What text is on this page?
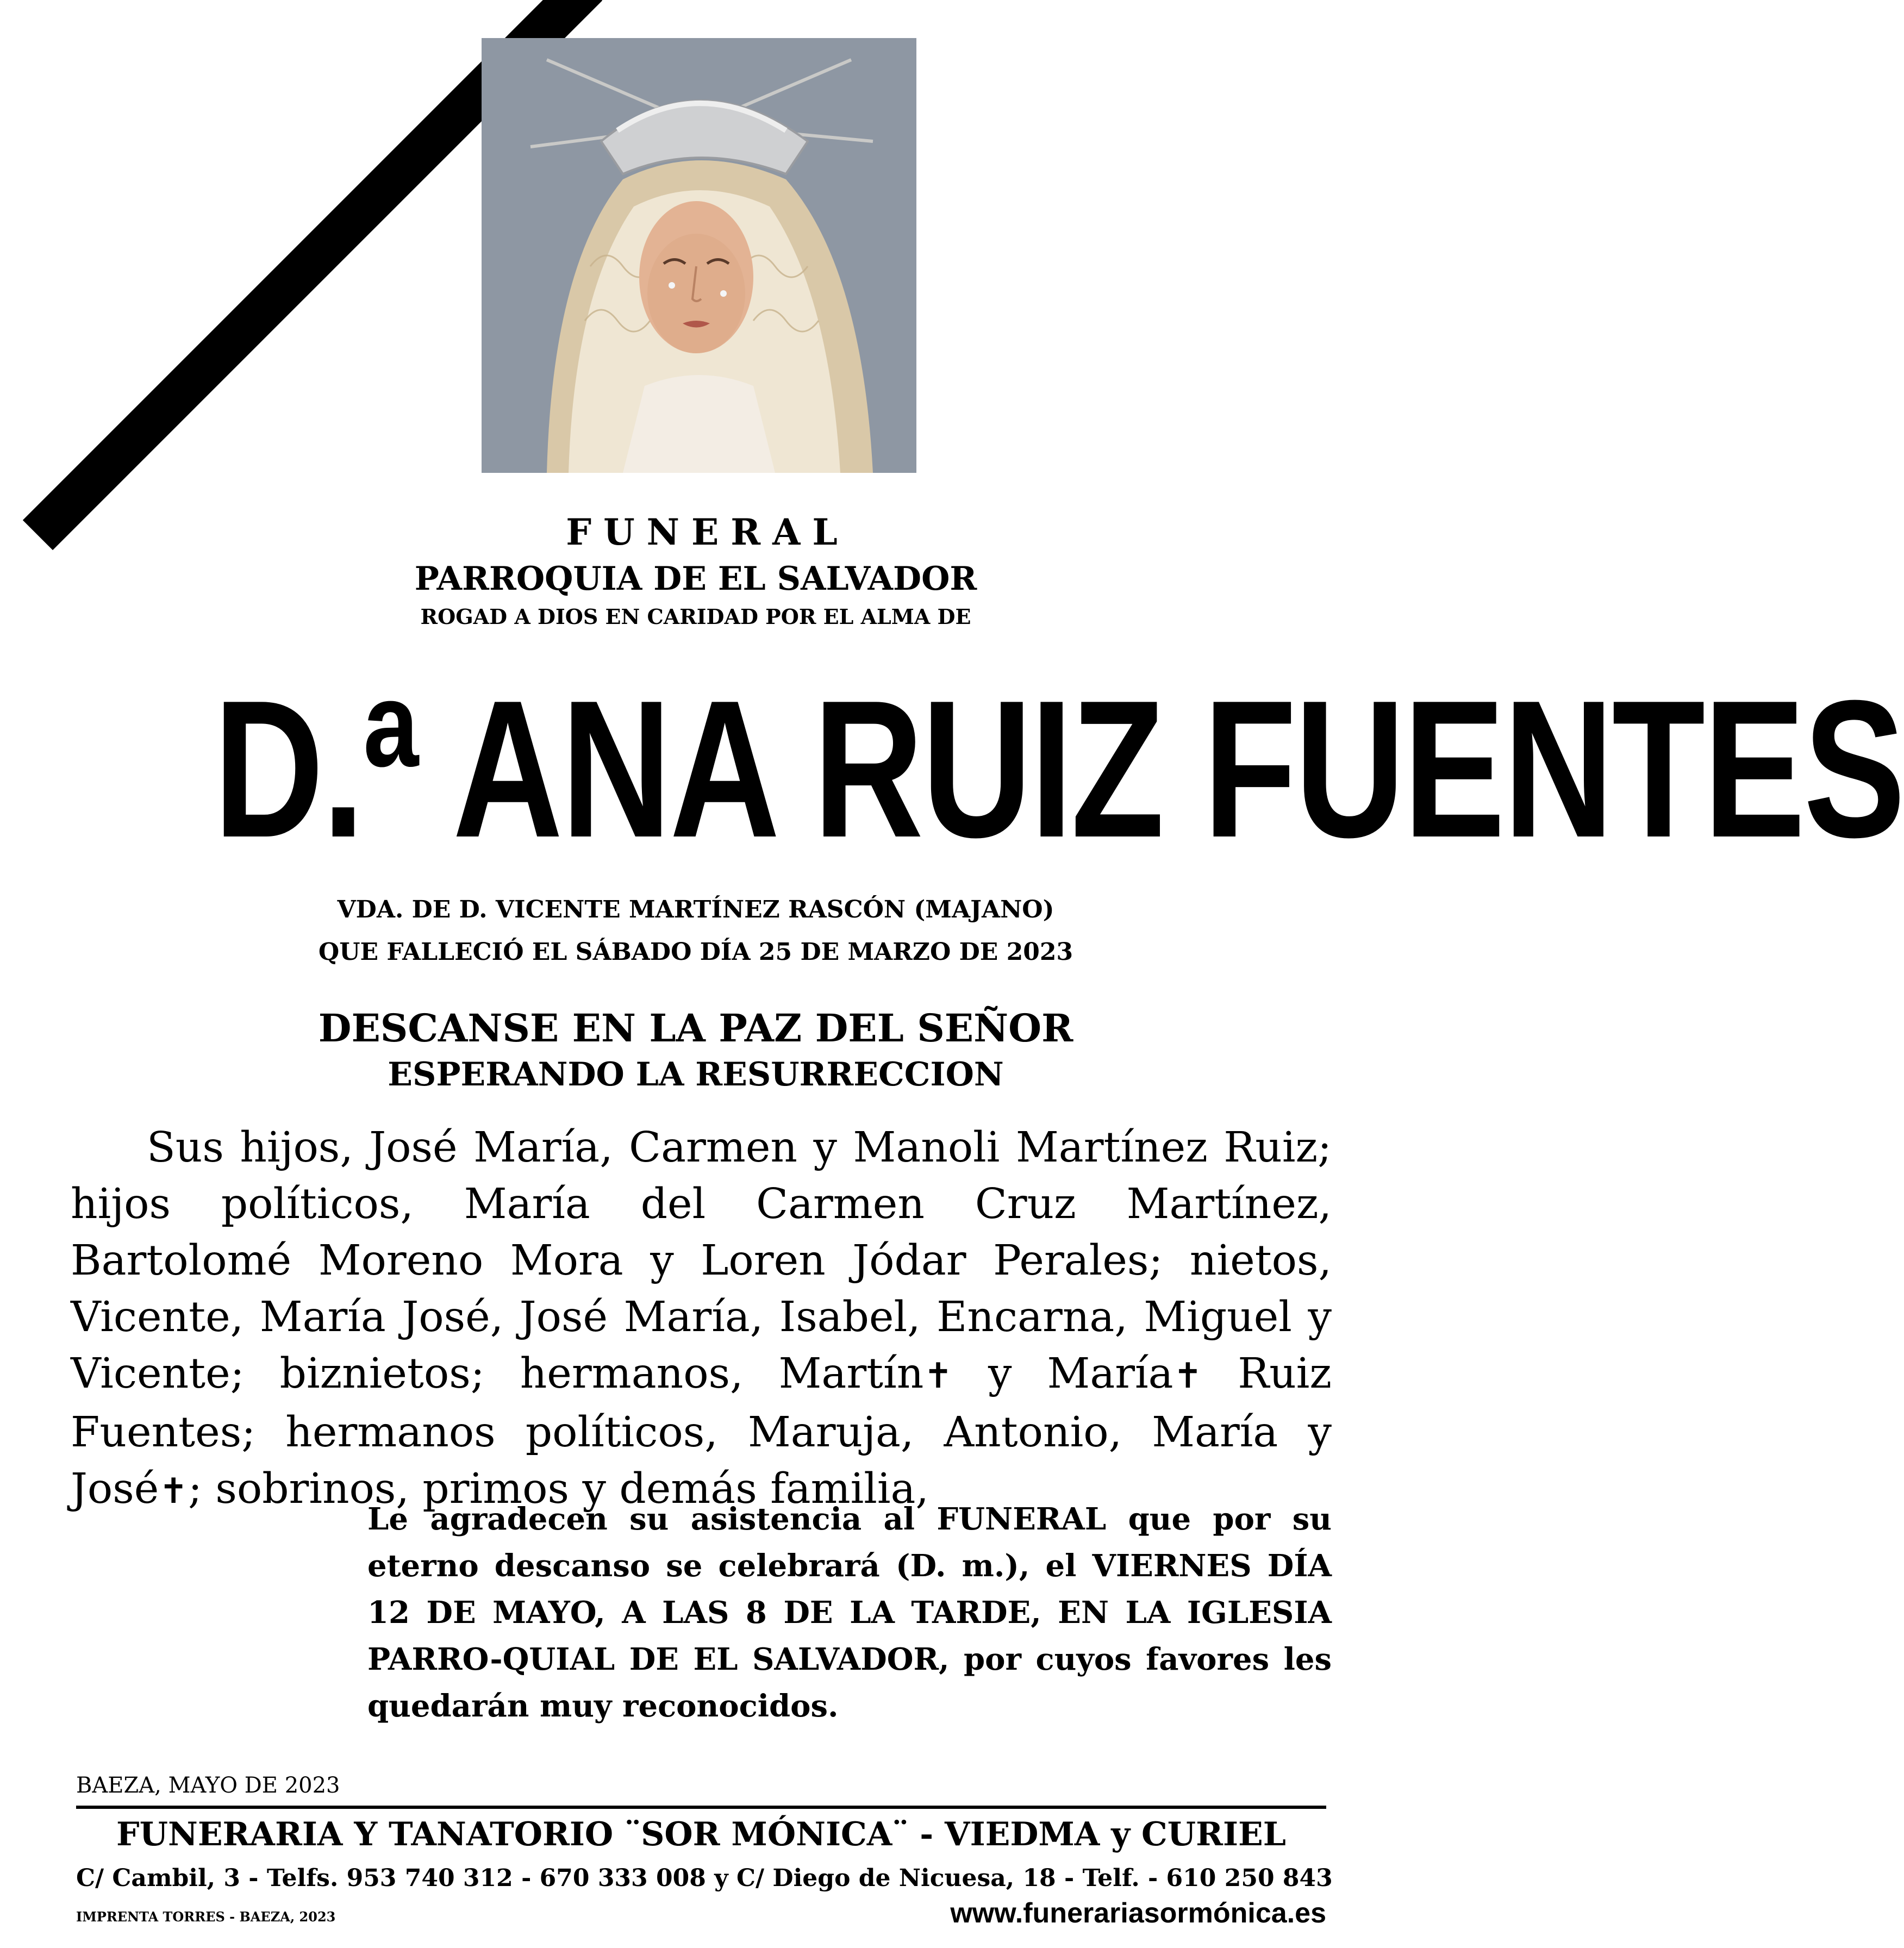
FUNERAL
PARROQUIA DE EL SALVADOR
ROGAD A DIOS EN CARIDAD POR EL ALMA DE
D.ª ANA RUIZ FUENTES
VDA. DE D. VICENTE MARTÍNEZ RASCÓN (MAJANO)
QUE FALLECIÓ EL SÁBADO DÍA 25 DE MARZO DE 2023
DESCANSE EN LA PAZ DEL SEÑOR
ESPERANDO LA RESURRECCION
Sus hijos, José María, Carmen y Manoli Martínez Ruiz; hijos políticos, María del Carmen Cruz Martínez, Bartolomé Moreno Mora y Loren Jódar Perales; nietos, Vicente, María José, José María, Isabel, Encarna, Miguel y Vicente; biznietos; hermanos, Martín✝ y María✝ Ruiz Fuentes; hermanos políticos, Maruja, Antonio, María y José✝; sobrinos, primos y demás familia,
Le agradecen su asistencia al FUNERAL que por su eterno descanso se celebrará (D. m.), el VIERNES DÍA 12 DE MAYO, A LAS 8 DE LA TARDE, EN LA IGLESIA PARRO-QUIAL DE EL SALVADOR, por cuyos favores les quedarán muy reconocidos.
BAEZA, MAYO DE 2023
FUNERARIA Y TANATORIO ¨SOR MÓNICA¨ - VIEDMA y CURIEL
C/ Cambil, 3 - Telfs. 953 740 312 - 670 333 008 y C/ Diego de Nicuesa, 18 - Telf. - 610 250 843
IMPRENTA TORRES - BAEZA, 2023	www.funerariasormónica.es
